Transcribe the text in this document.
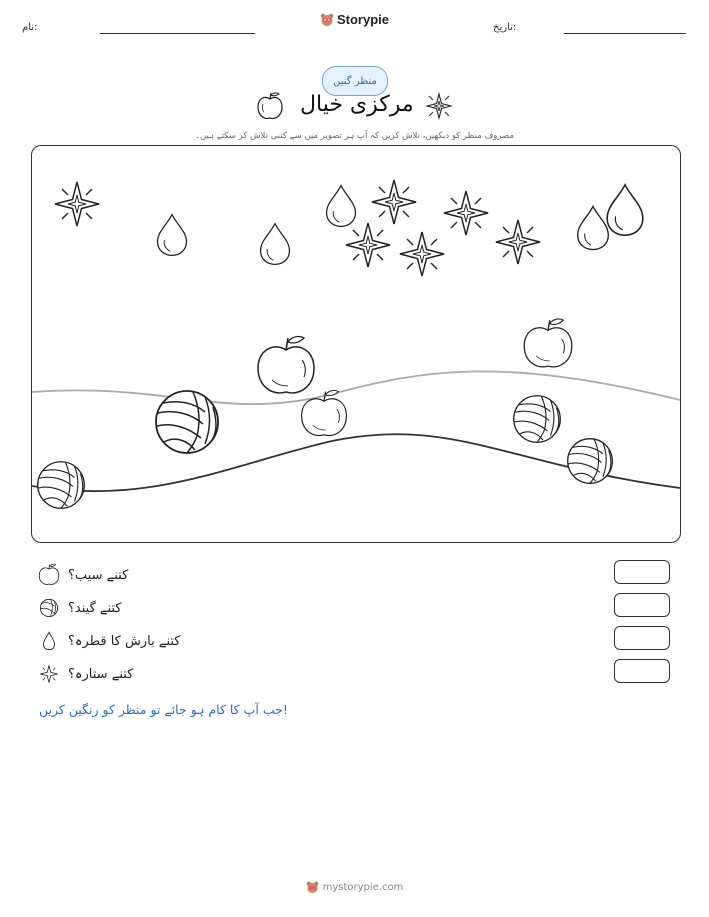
نام:
Storypie
تاریخ:
منظر گنیں
مرکزی خیال
مصروف منظر کو دیکھیں، تلاش کریں کہ آپ ہر تصویر میں سے کتنی تلاش کر سکتے ہیں۔
کتنے سیب؟
کتنے گیند؟
کتنے بارش کا قطرہ؟
کتنے ستارہ؟
جب آپ کا کام ہو جائے تو منظر کو رنگین کریں!
mystorypie.com
